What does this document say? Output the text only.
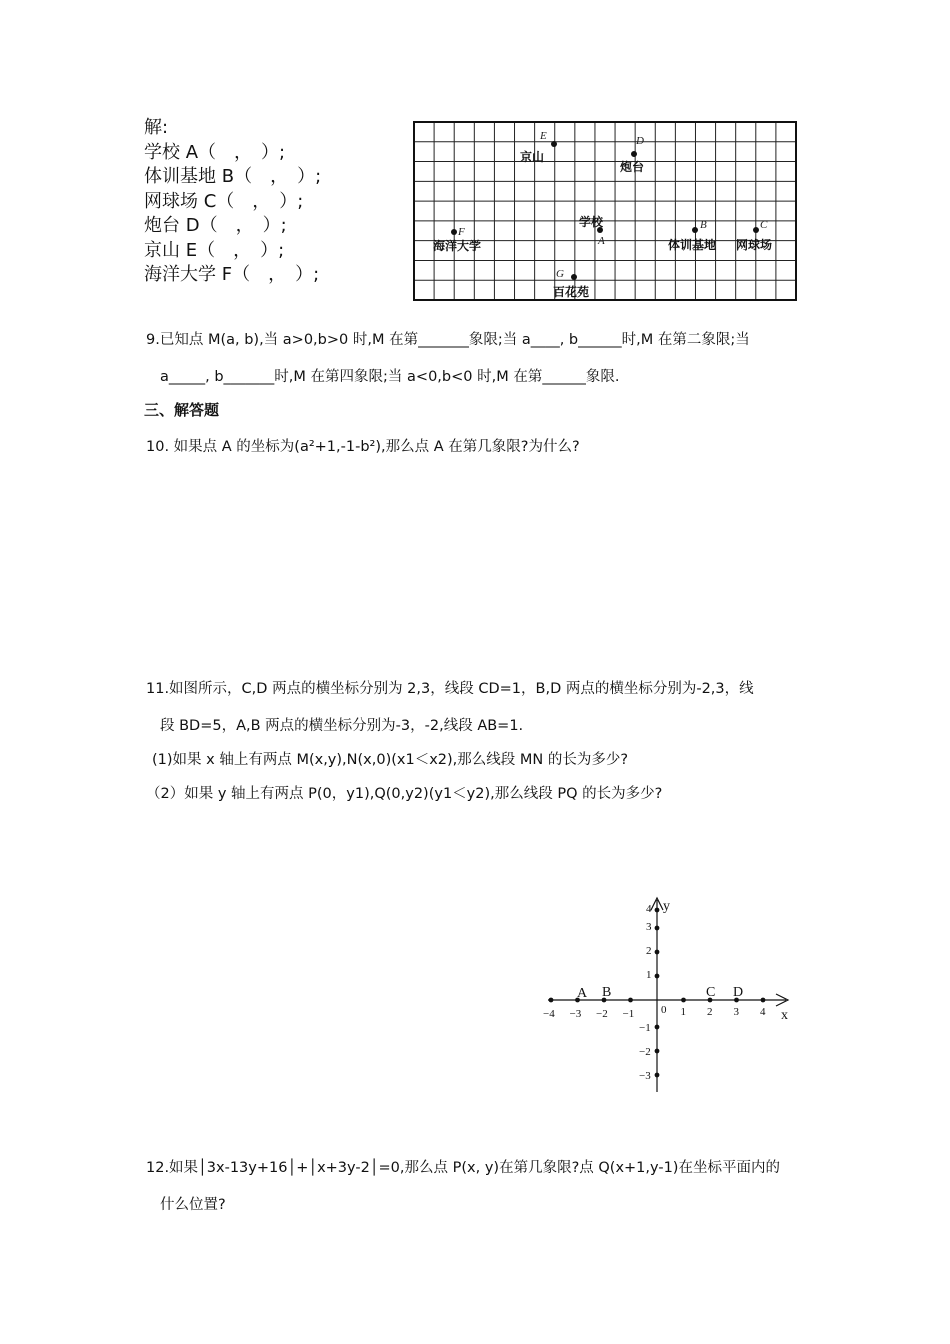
解:
学校 A（　，　）;
体训基地 B（　，　）;
网球场 C（　，　）;
炮台 D（　，　）;
京山 E（　，　）;
海洋大学 F（　，　）;
E
京山
D
炮台
F
海洋大学
学校
A
B
体训基地
C
网球场
G
百花苑
9.已知点 M(a, b),当 a>0,b>0 时,M 在第_______象限;当 a____, b______时,M 在第二象限;当
a_____, b_______时,M 在第四象限;当 a<0,b<0 时,M 在第______象限.
三、解答题
10. 如果点 A 的坐标为(a²+1,-1-b²),那么点 A 在第几象限?为什么?
11.如图所示，C,D 两点的横坐标分别为 2,3，线段 CD=1，B,D 两点的横坐标分别为-2,3，线
段 BD=5，A,B 两点的横坐标分别为-3，-2,线段 AB=1.
(1)如果 x 轴上有两点 M(x,y),N(x,0)(x1＜x2),那么线段 MN 的长为多少?
（2）如果 y 轴上有两点 P(0，y1),Q(0,y2)(y1＜y2),那么线段 PQ 的长为多少?
y
x
0
−4 −3 −2 −1	1 2 3 4
4
3
2
1
−1
−2
−3
A B	C D
12.如果│3x-13y+16│+│x+3y-2│=0,那么点 P(x, y)在第几象限?点 Q(x+1,y-1)在坐标平面内的
什么位置?
